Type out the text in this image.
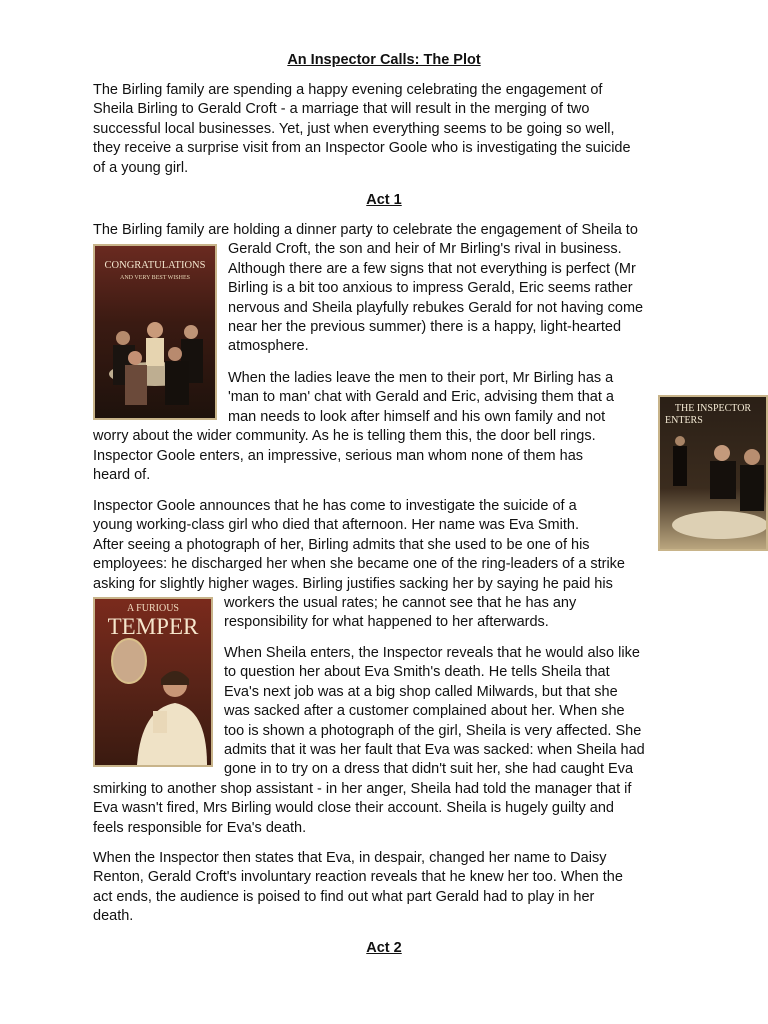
An Inspector Calls: The Plot
The Birling family are spending a happy evening celebrating the engagement of
Sheila Birling to Gerald Croft - a marriage that will result in the merging of two
successful local businesses. Yet, just when everything seems to be going so well,
they receive a surprise visit from an Inspector Goole who is investigating the suicide
of a young girl.
Act 1
The Birling family are holding a dinner party to celebrate the engagement of Sheila to
Gerald Croft, the son and heir of Mr Birling's rival in business.
Although there are a few signs that not everything is perfect (Mr
Birling is a bit too anxious to impress Gerald, Eric seems rather
nervous and Sheila playfully rebukes Gerald for not having come
near her the previous summer) there is a happy, light-hearted
atmosphere.
When the ladies leave the men to their port, Mr Birling has a
'man to man' chat with Gerald and Eric, advising them that a
man needs to look after himself and his own family and not
worry about the wider community. As he is telling them this, the door bell rings.
Inspector Goole enters, an impressive, serious man whom none of them has
heard of.
Inspector Goole announces that he has come to investigate the suicide of a
young working-class girl who died that afternoon. Her name was Eva Smith.
After seeing a photograph of her, Birling admits that she used to be one of his
employees: he discharged her when she became one of the ring-leaders of a strike
asking for slightly higher wages. Birling justifies sacking her by saying he paid his
workers the usual rates; he cannot see that he has any
responsibility for what happened to her afterwards.
When Sheila enters, the Inspector reveals that he would also like
to question her about Eva Smith's death. He tells Sheila that
Eva's next job was at a big shop called Milwards, but that she
was sacked after a customer complained about her. When she
too is shown a photograph of the girl, Sheila is very affected. She
admits that it was her fault that Eva was sacked: when Sheila had
gone in to try on a dress that didn't suit her, she had caught Eva
smirking to another shop assistant - in her anger, Sheila had told the manager that if
Eva wasn't fired, Mrs Birling would close their account. Sheila is hugely guilty and
feels responsible for Eva's death.
When the Inspector then states that Eva, in despair, changed her name to Daisy
Renton, Gerald Croft's involuntary reaction reveals that he knew her too. When the
act ends, the audience is poised to find out what part Gerald had to play in her
death.
Act 2
CONGRATULATIONS
AND VERY BEST WISHES
THE INSPECTOR
ENTERS
A FURIOUS
TEMPER
